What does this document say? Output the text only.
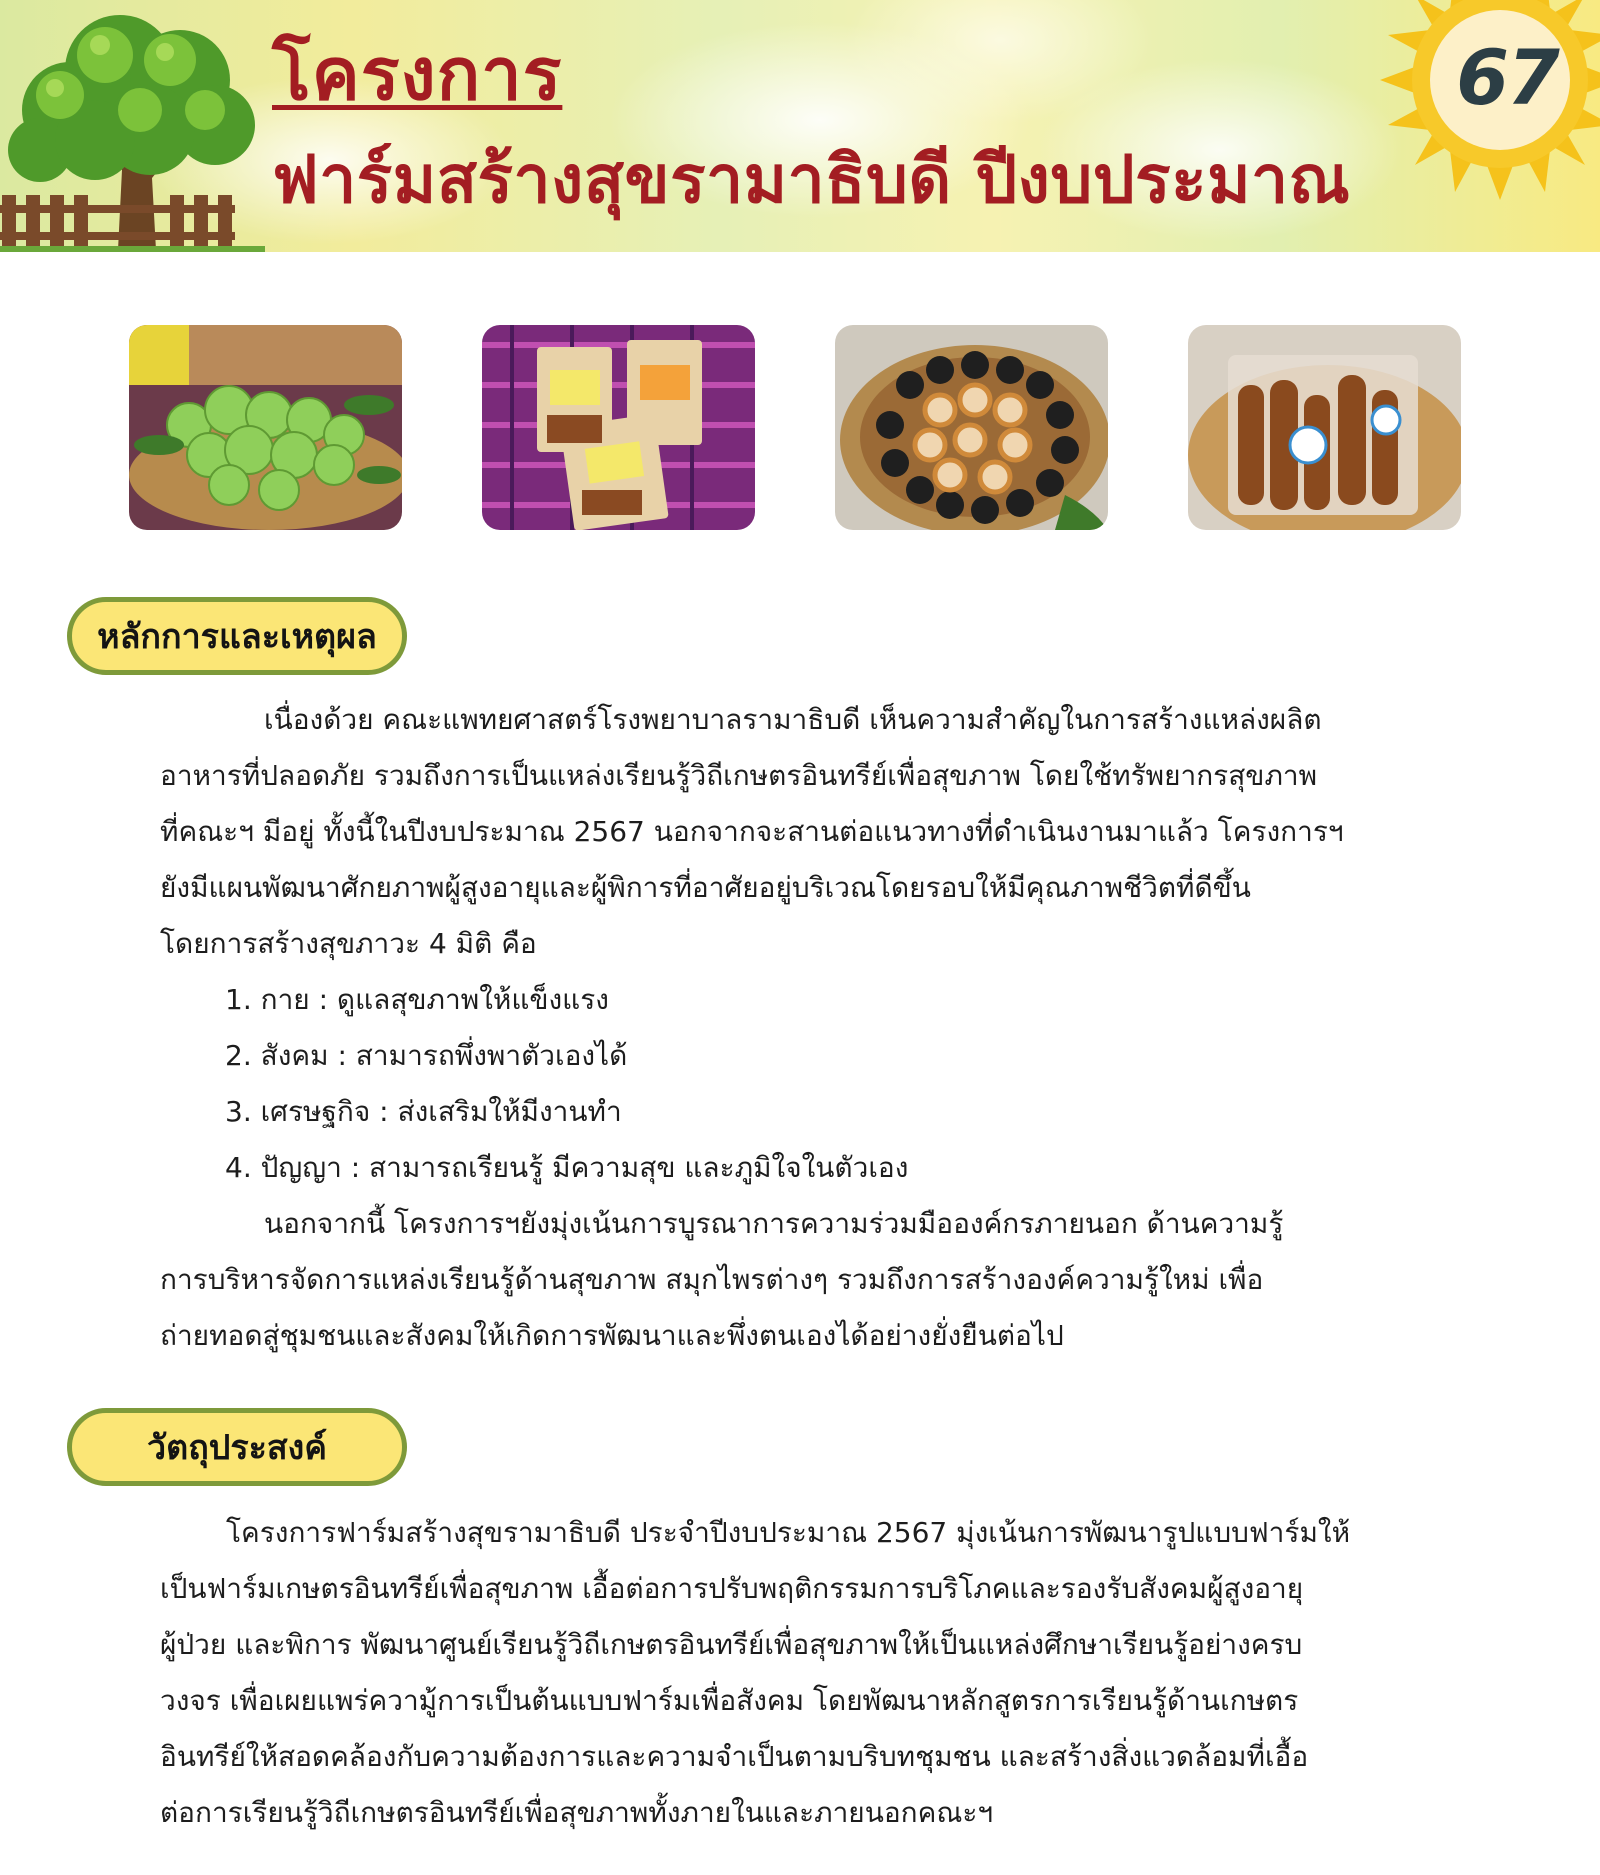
โครงการ
ฟาร์มสร้างสุขรามาธิบดี ปีงบประมาณ
67
หลักการและเหตุผล
เนื่องด้วย คณะแพทยศาสตร์โรงพยาบาลรามาธิบดี เห็นความสำคัญในการสร้างแหล่งผลิต
อาหารที่ปลอดภัย รวมถึงการเป็นแหล่งเรียนรู้วิถีเกษตรอินทรีย์เพื่อสุขภาพ โดยใช้ทรัพยากรสุขภาพ
ที่คณะฯ มีอยู่ ทั้งนี้ในปีงบประมาณ 2567 นอกจากจะสานต่อแนวทางที่ดำเนินงานมาแล้ว โครงการฯ
ยังมีแผนพัฒนาศักยภาพผู้สูงอายุและผู้พิการที่อาศัยอยู่บริเวณโดยรอบให้มีคุณภาพชีวิตที่ดีขึ้น
โดยการสร้างสุขภาวะ 4 มิติ คือ
1. กาย : ดูแลสุขภาพให้แข็งแรง
2. สังคม : สามารถพึ่งพาตัวเองได้
3. เศรษฐกิจ : ส่งเสริมให้มีงานทำ
4. ปัญญา : สามารถเรียนรู้ มีความสุข และภูมิใจในตัวเอง
นอกจากนี้ โครงการฯยังมุ่งเน้นการบูรณาการความร่วมมือองค์กรภายนอก ด้านความรู้
การบริหารจัดการแหล่งเรียนรู้ด้านสุขภาพ สมุกไพรต่างๆ รวมถึงการสร้างองค์ความรู้ใหม่ เพื่อ
ถ่ายทอดสู่ชุมชนและสังคมให้เกิดการพัฒนาและพึ่งตนเองได้อย่างยั่งยืนต่อไป
วัตถุประสงค์
โครงการฟาร์มสร้างสุขรามาธิบดี ประจำปีงบประมาณ 2567 มุ่งเน้นการพัฒนารูปแบบฟาร์มให้
เป็นฟาร์มเกษตรอินทรีย์เพื่อสุขภาพ เอื้อต่อการปรับพฤติกรรมการบริโภคและรองรับสังคมผู้สูงอายุ
ผู้ป่วย และพิการ พัฒนาศูนย์เรียนรู้วิถีเกษตรอินทรีย์เพื่อสุขภาพให้เป็นแหล่งศึกษาเรียนรู้อย่างครบ
วงจร เพื่อเผยแพร่ความู้การเป็นต้นแบบฟาร์มเพื่อสังคม โดยพัฒนาหลักสูตรการเรียนรู้ด้านเกษตร
อินทรีย์ให้สอดคล้องกับความต้องการและความจำเป็นตามบริบทชุมชน และสร้างสิ่งแวดล้อมที่เอื้อ
ต่อการเรียนรู้วิถีเกษตรอินทรีย์เพื่อสุขภาพทั้งภายในและภายนอกคณะฯ
